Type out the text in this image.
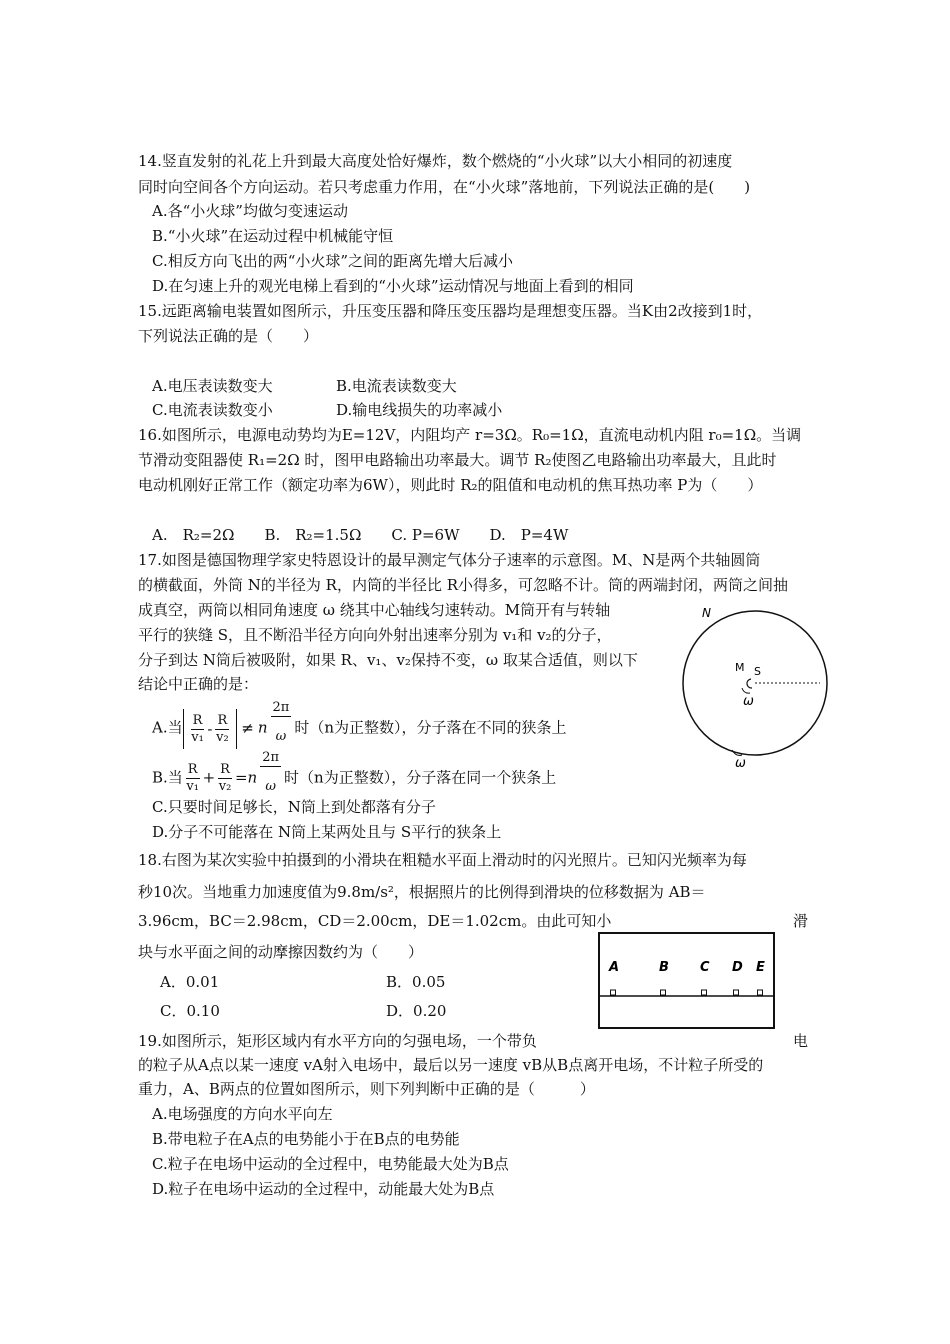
14.竖直发射的礼花上升到最大高度处恰好爆炸，数个燃烧的“小火球”以大小相同的初速度
同时向空间各个方向运动。若只考虑重力作用，在“小火球”落地前，下列说法正确的是(　　)
A.各“小火球”均做匀变速运动
B.“小火球”在运动过程中机械能守恒
C.相反方向飞出的两“小火球”之间的距离先增大后减小
D.在匀速上升的观光电梯上看到的“小火球”运动情况与地面上看到的相同
15.远距离输电装置如图所示，升压变压器和降压变压器均是理想变压器。当K由2改接到1时，
下列说法正确的是（　　）
A.电压表读数变大	B.电流表读数变大
C.电流表读数变小	D.输电线损失的功率减小
16.如图所示，电源电动势均为E=12V，内阻均产 r=3Ω。R₀=1Ω，直流电动机内阻 r₀=1Ω。当调
节滑动变阻器使 R₁=2Ω 时，图甲电路输出功率最大。调节 R₂使图乙电路输出功率最大，且此时
电动机刚好正常工作（额定功率为6W），则此时 R₂的阻值和电动机的焦耳热功率 P为（　　）
A.　R₂=2Ω　　B.　R₂=1.5Ω　　C. P=6W　　D.　P=4W
17.如图是德国物理学家史特恩设计的最早测定气体分子速率的示意图。M、N是两个共轴圆筒
的横截面，外筒 N的半径为 R，内筒的半径比 R小得多，可忽略不计。筒的两端封闭，两筒之间抽
成真空，两筒以相同角速度 ω 绕其中心轴线匀速转动。M筒开有与转轴
平行的狭缝 S，且不断沿半径方向向外射出速率分别为 v₁和 v₂的分子，
分子到达 N筒后被吸附，如果 R、v₁、v₂保持不变，ω 取某合适值，则以下
结论中正确的是：
A.当 $\frac{R}{\text{v₁}} - \frac{R}{\text{v₂}} \ne n \frac{2\pi}{\omega}$ 时（n为正整数），分子落在不同的狭条上
B.当 $\frac{R}{\text{v₁}} + \frac{R}{\text{v₂}} =n \frac{2\pi}{\omega}$ 时（n为正整数），分子落在同一个狭条上
C.只要时间足够长，N筒上到处都落有分子
D.分子不可能落在 N筒上某两处且与 S平行的狭条上
N
M S
ω
ω
18.右图为某次实验中拍摄到的小滑块在粗糙水平面上滑动时的闪光照片。已知闪光频率为每
秒10次。当地重力加速度值为9.8m/s²，根据照片的比例得到滑块的位移数据为 AB＝
3.96cm，BC＝2.98cm，CD＝2.00cm，DE＝1.02cm。由此可知小	滑
块与水平面之间的动摩擦因数约为（　　）
A．0.01	B．0.05
C．0.10	D．0.20
A	B C D E
19.如图所示，矩形区域内有水平方向的匀强电场，一个带负	电
的粒子从A点以某一速度 vA射入电场中，最后以另一速度 vB从B点离开电场，不计粒子所受的
重力，A、B两点的位置如图所示，则下列判断中正确的是（　　　）
A.电场强度的方向水平向左
B.带电粒子在A点的电势能小于在B点的电势能
C.粒子在电场中运动的全过程中，电势能最大处为B点
D.粒子在电场中运动的全过程中，动能最大处为B点
